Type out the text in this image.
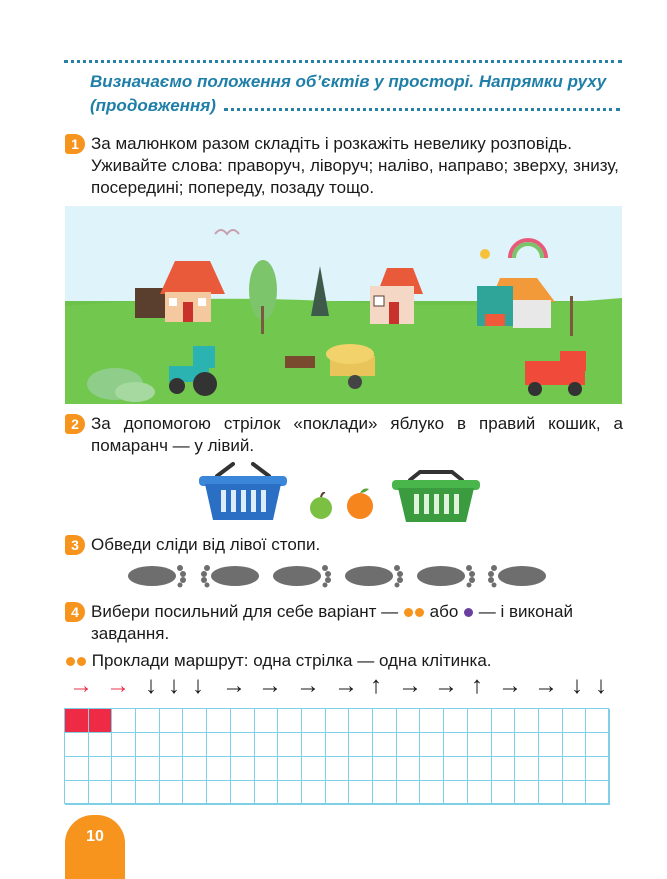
Визначаємо положення об’єктів у просторі. Напрямки руху
(продовження)
1 За малюнком разом складіть і розкажіть невелику розповідь. Уживайте слова: праворуч, ліворуч; наліво, направо; зверху, знизу, посередині; попереду, позаду тощо.
2 За допомогою стрілок «поклади» яблуко в правий кошик, а помаранч — у лівий.
3 Обведи сліди від лівої стопи.
4 Вибери посильний для себе варіант — або — і виконай завдання.
Проклади маршрут: одна стрілка — одна клітинка.
→ → ↓ ↓ ↓ → → → → ↑ → → ↑ → → ↓ ↓
10
